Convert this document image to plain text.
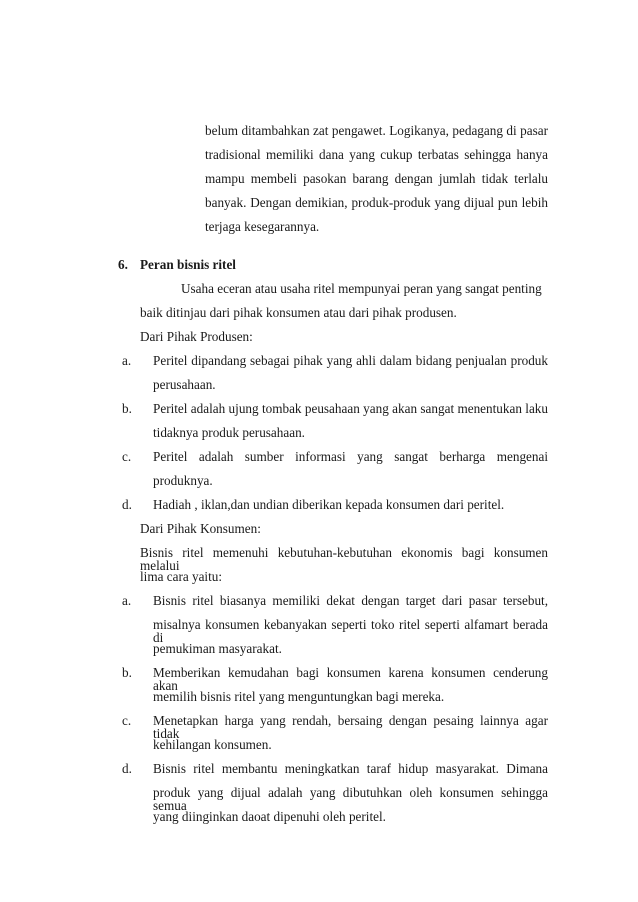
belum ditambahkan zat pengawet. Logikanya, pedagang di pasar
tradisional memiliki dana yang cukup terbatas sehingga hanya
mampu membeli pasokan barang dengan jumlah tidak terlalu
banyak. Dengan demikian, produk-produk yang dijual pun lebih
terjaga kesegarannya.
6. Peran bisnis ritel
Usaha eceran atau usaha ritel mempunyai peran yang sangat penting
baik ditinjau dari pihak konsumen atau dari pihak produsen.
Dari Pihak Produsen:
a. Peritel dipandang sebagai pihak yang ahli dalam bidang penjualan produk
perusahaan.
b. Peritel adalah ujung tombak peusahaan yang akan sangat menentukan laku
tidaknya produk perusahaan.
c. Peritel adalah sumber informasi yang sangat berharga mengenai
produknya.
d. Hadiah , iklan,dan undian diberikan kepada konsumen dari peritel.
Dari Pihak Konsumen:
Bisnis ritel memenuhi kebutuhan-kebutuhan ekonomis bagi konsumen melalui
lima cara yaitu:
a. Bisnis ritel biasanya memiliki dekat dengan target dari pasar tersebut,
misalnya konsumen kebanyakan seperti toko ritel seperti alfamart berada di
pemukiman masyarakat.
b. Memberikan kemudahan bagi konsumen karena konsumen cenderung akan
memilih bisnis ritel yang menguntungkan bagi mereka.
c. Menetapkan harga yang rendah, bersaing dengan pesaing lainnya agar tidak
kehilangan konsumen.
d. Bisnis ritel membantu meningkatkan taraf hidup masyarakat. Dimana
produk yang dijual adalah yang dibutuhkan oleh konsumen sehingga semua
yang diinginkan daoat dipenuhi oleh peritel.
